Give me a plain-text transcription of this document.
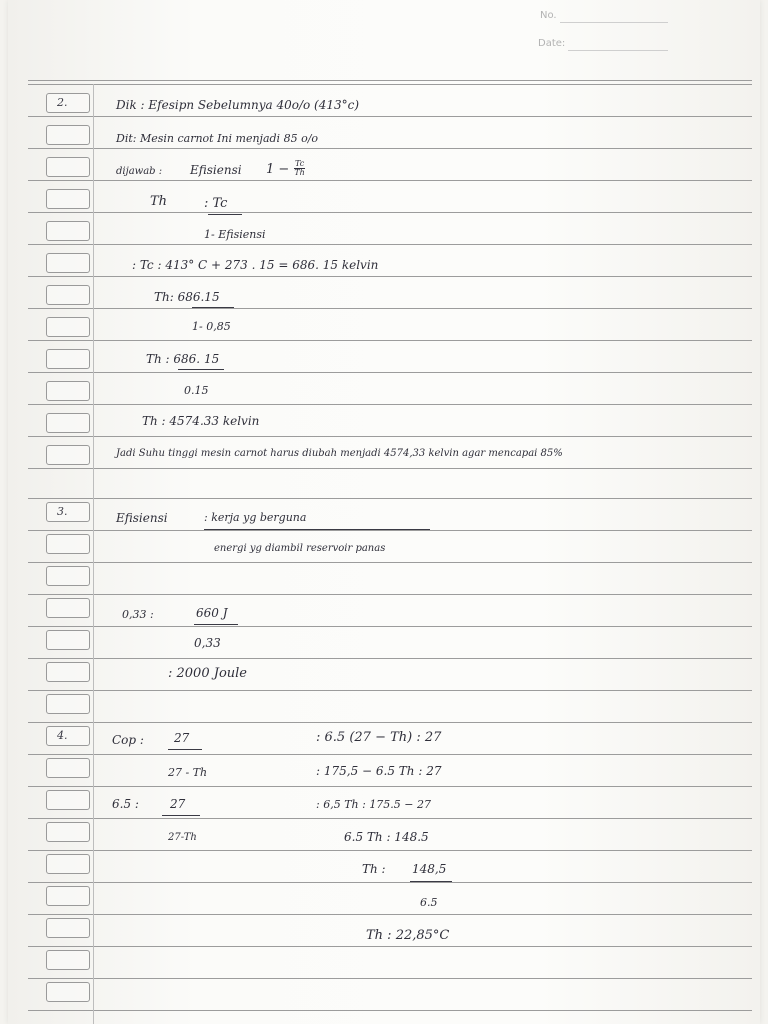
No.
Date:
2.
3.
4.
Dik : Efesipn Sebelumnya 40o/o (413°c)
Dit: Mesin carnot Ini menjadi 85 o/o
dijawab : Efisiensi $1 - \frac{Tc}{Th}$
Th	: Tc
1- Efisiensi
: Tc : 413° C + 273 . 15 = 686. 15 kelvin
Th: 686.15
1- 0,85
Th : 686. 15
0.15
Th : 4574.33 kelvin
Jadi Suhu tinggi mesin carnot harus diubah menjadi 4574,33 kelvin agar mencapai 85%
Efisiensi	: kerja yg berguna
energi yg diambil reservoir panas
0,33 :	660 J
0,33
: 2000 Joule
Cop :	27
27 - Th
6.5 :	27
27-Th
: 6.5 (27 − Th) : 27
: 175,5 − 6.5 Th : 27
: 6,5 Th : 175.5 − 27
6.5 Th : 148.5
Th : 148,5
6.5
Th : 22,85°C
